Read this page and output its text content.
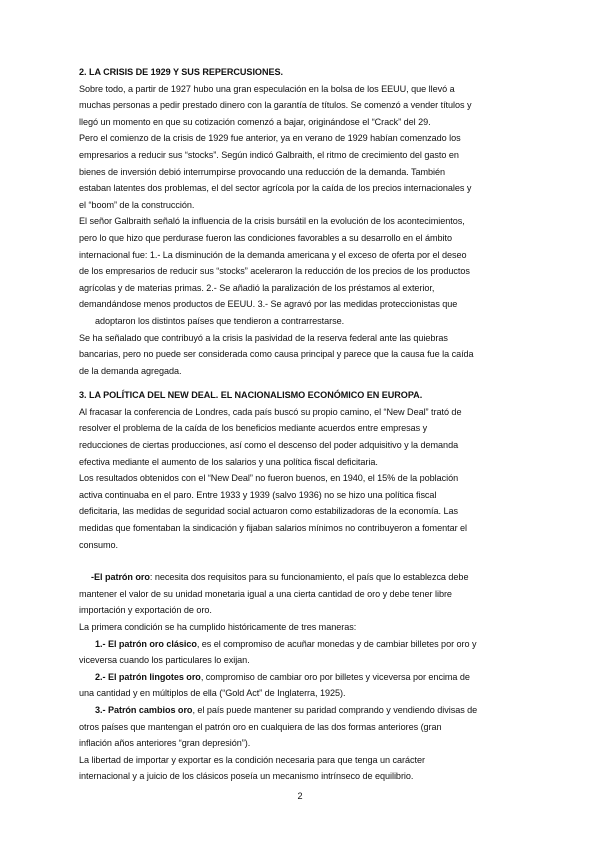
2. LA CRISIS DE 1929 Y SUS REPERCUSIONES.

Sobre todo, a partir de 1927 hubo una gran especulación en la bolsa de los EEUU, que llevó a

muchas personas a pedir prestado dinero con la garantía de títulos. Se comenzó a vender títulos y

llegó un momento en que su cotización comenzó a bajar, originándose el “Crack” del 29.

Pero el comienzo de la crisis de 1929 fue anterior, ya en verano de 1929 habían comenzado los

empresarios a reducir sus “stocks”. Según indicó Galbraith, el ritmo de crecimiento del gasto en

bienes de inversión debió interrumpirse provocando una reducción de la demanda. También

estaban latentes dos problemas, el del sector agrícola por la caída de los precios internacionales y

el “boom” de la construcción.

El señor Galbraith señaló la influencia de la crisis bursátil en la evolución de los acontecimientos,

pero lo que hizo que perdurase fueron las condiciones favorables a su desarrollo en el ámbito

internacional fue: 1.- La disminución de la demanda americana y el exceso de oferta por el deseo

de los empresarios de reducir sus “stocks” aceleraron la reducción de los precios de los productos

agrícolas y de materias primas. 2.- Se añadió la paralización de los préstamos al exterior,

demandándose menos productos de EEUU. 3.- Se agravó por las medidas proteccionistas que

adoptaron los distintos países que tendieron a contrarrestarse.

Se ha señalado que contribuyó a la crisis la pasividad de la reserva federal ante las quiebras

bancarias, pero no puede ser considerada como causa principal y parece que la causa fue la caída

de la demanda agregada.

3. LA POLÍTICA DEL NEW DEAL. EL NACIONALISMO ECONÓMICO EN EUROPA.

Al fracasar la conferencia de Londres, cada país buscó su propio camino, el “New Deal” trató de

resolver el problema de la caída de los beneficios mediante acuerdos entre empresas y

reducciones de ciertas producciones, así como el descenso del poder adquisitivo y la demanda

efectiva mediante el aumento de los salarios y una política fiscal deficitaria.

Los resultados obtenidos con el “New Deal” no fueron buenos, en 1940, el 15% de la población

activa continuaba en el paro. Entre 1933 y 1939 (salvo 1936) no se hizo una política fiscal

deficitaria, las medidas de seguridad social actuaron como estabilizadoras de la economía. Las

medidas que fomentaban la sindicación y fijaban salarios mínimos no contribuyeron a fomentar el

consumo.

-El patrón oro: necesita dos requisitos para su funcionamiento, el país que lo establezca debe

mantener el valor de su unidad monetaria igual a una cierta cantidad de oro y debe tener libre

importación y exportación de oro.

La primera condición se ha cumplido históricamente de tres maneras:

1.- El patrón oro clásico, es el compromiso de acuñar monedas y de cambiar billetes por oro y

viceversa cuando los particulares lo exijan.

2.- El patrón lingotes oro, compromiso de cambiar oro por billetes y viceversa por encima de

una cantidad y en múltiplos de ella (“Gold Act” de Inglaterra, 1925).

3.- Patrón cambios oro, el país puede mantener su paridad comprando y vendiendo divisas de

otros países que mantengan el patrón oro en cualquiera de las dos formas anteriores (gran

inflación años anteriores “gran depresión”).

La libertad de importar y exportar es la condición necesaria para que tenga un carácter

internacional y a juicio de los clásicos poseía un mecanismo intrínseco de equilibrio.

2
